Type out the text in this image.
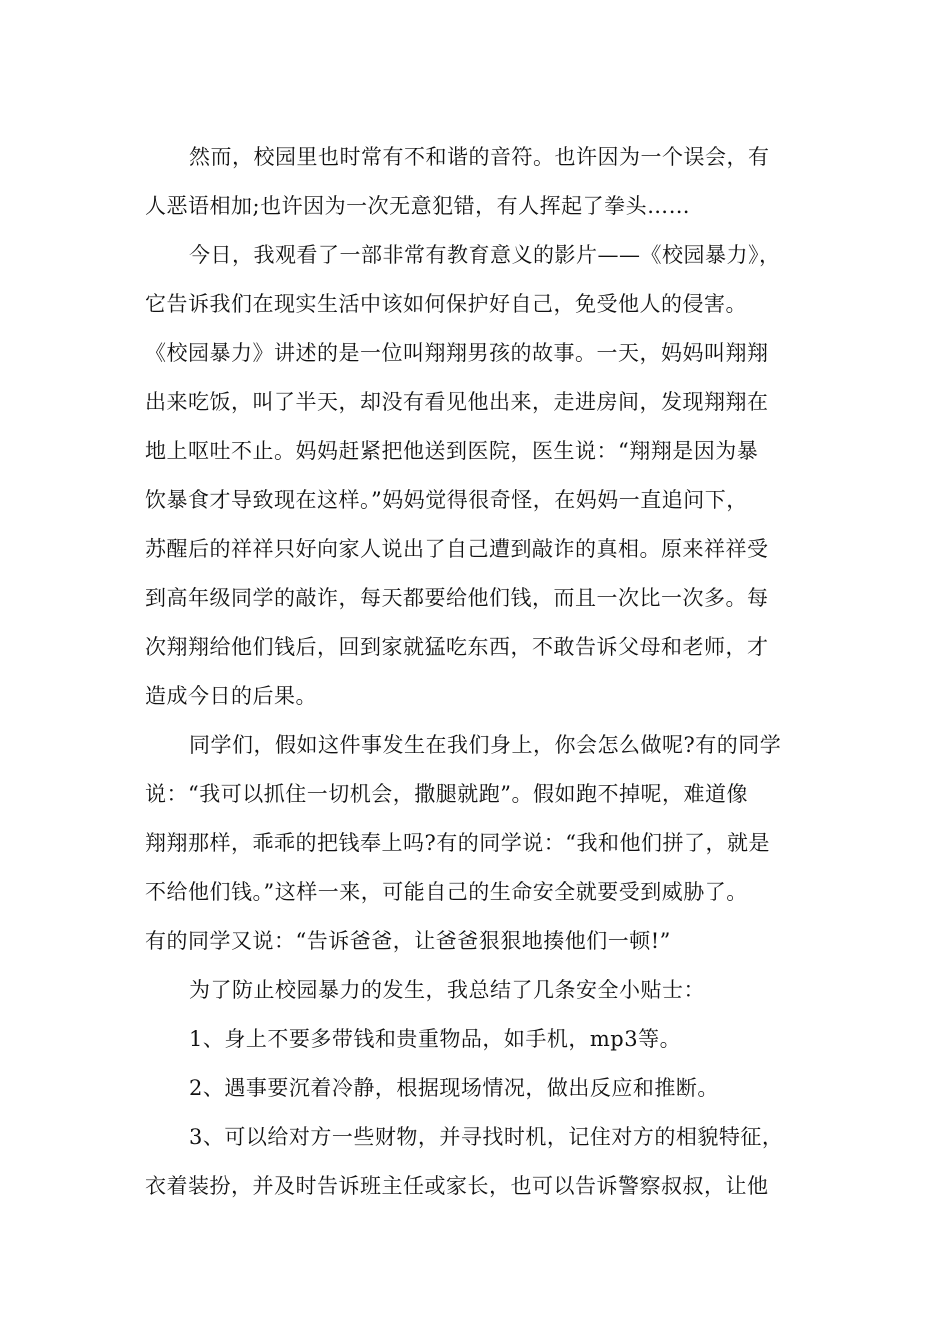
然而，校园里也时常有不和谐的音符。也许因为一个误会，有
人恶语相加;也许因为一次无意犯错，有人挥起了拳头……

今日，我观看了一部非常有教育意义的影片——《校园暴力》，
它告诉我们在现实生活中该如何保护好自己，免受他人的侵害。
《校园暴力》讲述的是一位叫翔翔男孩的故事。一天，妈妈叫翔翔
出来吃饭，叫了半天，却没有看见他出来，走进房间，发现翔翔在
地上呕吐不止。妈妈赶紧把他送到医院，医生说：“翔翔是因为暴
饮暴食才导致现在这样。”妈妈觉得很奇怪，在妈妈一直追问下，
苏醒后的祥祥只好向家人说出了自己遭到敲诈的真相。原来祥祥受
到高年级同学的敲诈，每天都要给他们钱，而且一次比一次多。每
次翔翔给他们钱后，回到家就猛吃东西，不敢告诉父母和老师，才
造成今日的后果。

同学们，假如这件事发生在我们身上，你会怎么做呢?有的同学
说：“我可以抓住一切机会，撒腿就跑”。假如跑不掉呢，难道像
翔翔那样，乖乖的把钱奉上吗?有的同学说：“我和他们拼了，就是
不给他们钱。”这样一来，可能自己的生命安全就要受到威胁了。
有的同学又说：“告诉爸爸，让爸爸狠狠地揍他们一顿!”

为了防止校园暴力的发生，我总结了几条安全小贴士：

1、身上不要多带钱和贵重物品，如手机，mp3等。

2、遇事要沉着冷静，根据现场情况，做出反应和推断。

3、可以给对方一些财物，并寻找时机，记住对方的相貌特征，
衣着装扮，并及时告诉班主任或家长，也可以告诉警察叔叔，让他
